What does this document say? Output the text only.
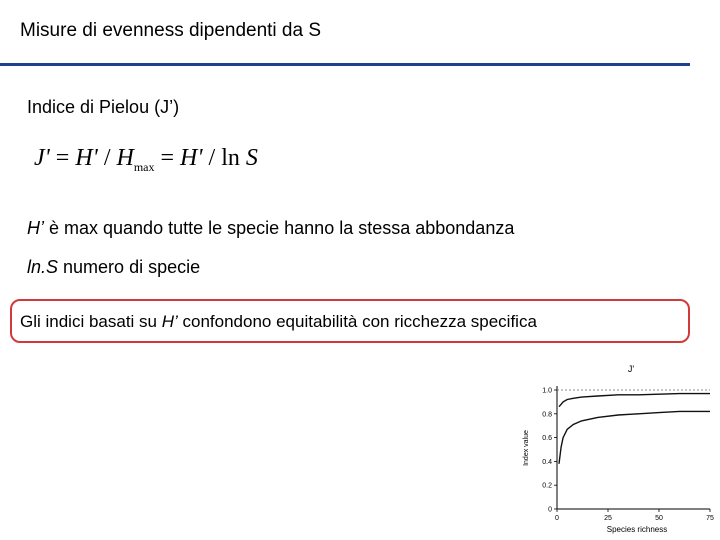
Misure di evenness dipendenti da S
Indice di Pielou (J’)
$J' = H' / H_{max} = H' / \ln S$
H’ è max quando tutte le specie hanno la stessa abbondanza
ln.S numero di specie
Gli indici basati su H’ confondono equitabilità con ricchezza specifica
J'
Index value
Species richness
0
0.2
0.4
0.6
0.8
1.0
0	25	50	75
